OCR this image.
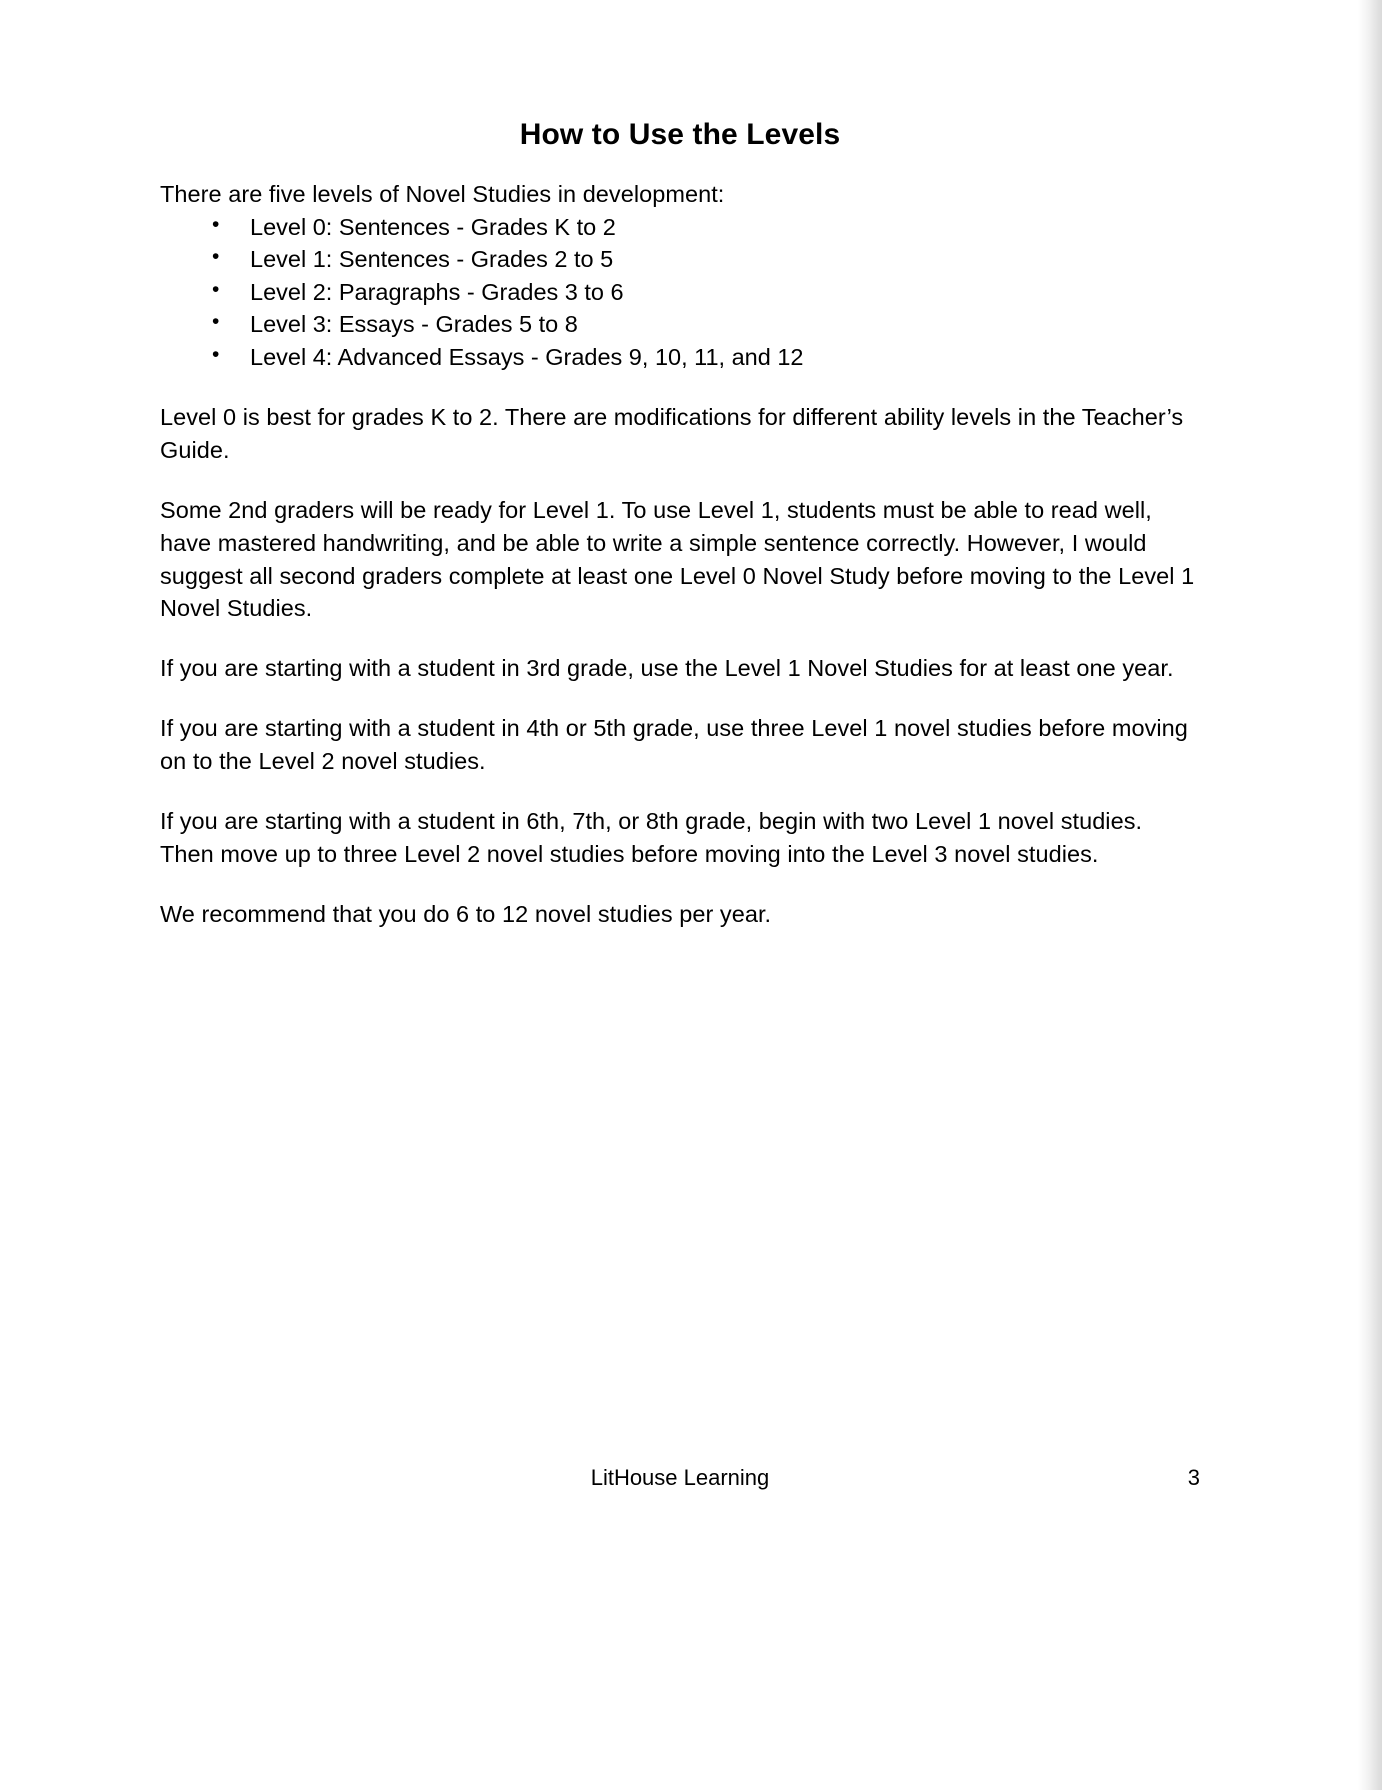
How to Use the Levels

There are five levels of Novel Studies in development:

• Level 0: Sentences - Grades K to 2
• Level 1: Sentences - Grades 2 to 5
• Level 2: Paragraphs - Grades 3 to 6
• Level 3: Essays - Grades 5 to 8
• Level 4: Advanced Essays - Grades 9, 10, 11, and 12

Level 0 is best for grades K to 2. There are modifications for different ability levels in the Teacher’s Guide.

Some 2nd graders will be ready for Level 1. To use Level 1, students must be able to read well, have mastered handwriting, and be able to write a simple sentence correctly. However, I would suggest all second graders complete at least one Level 0 Novel Study before moving to the Level 1 Novel Studies.

If you are starting with a student in 3rd grade, use the Level 1 Novel Studies for at least one year.

If you are starting with a student in 4th or 5th grade, use three Level 1 novel studies before moving on to the Level 2 novel studies.

If you are starting with a student in 6th, 7th, or 8th grade, begin with two Level 1 novel studies. Then move up to three Level 2 novel studies before moving into the Level 3 novel studies.

We recommend that you do 6 to 12 novel studies per year.

LitHouse Learning	3
